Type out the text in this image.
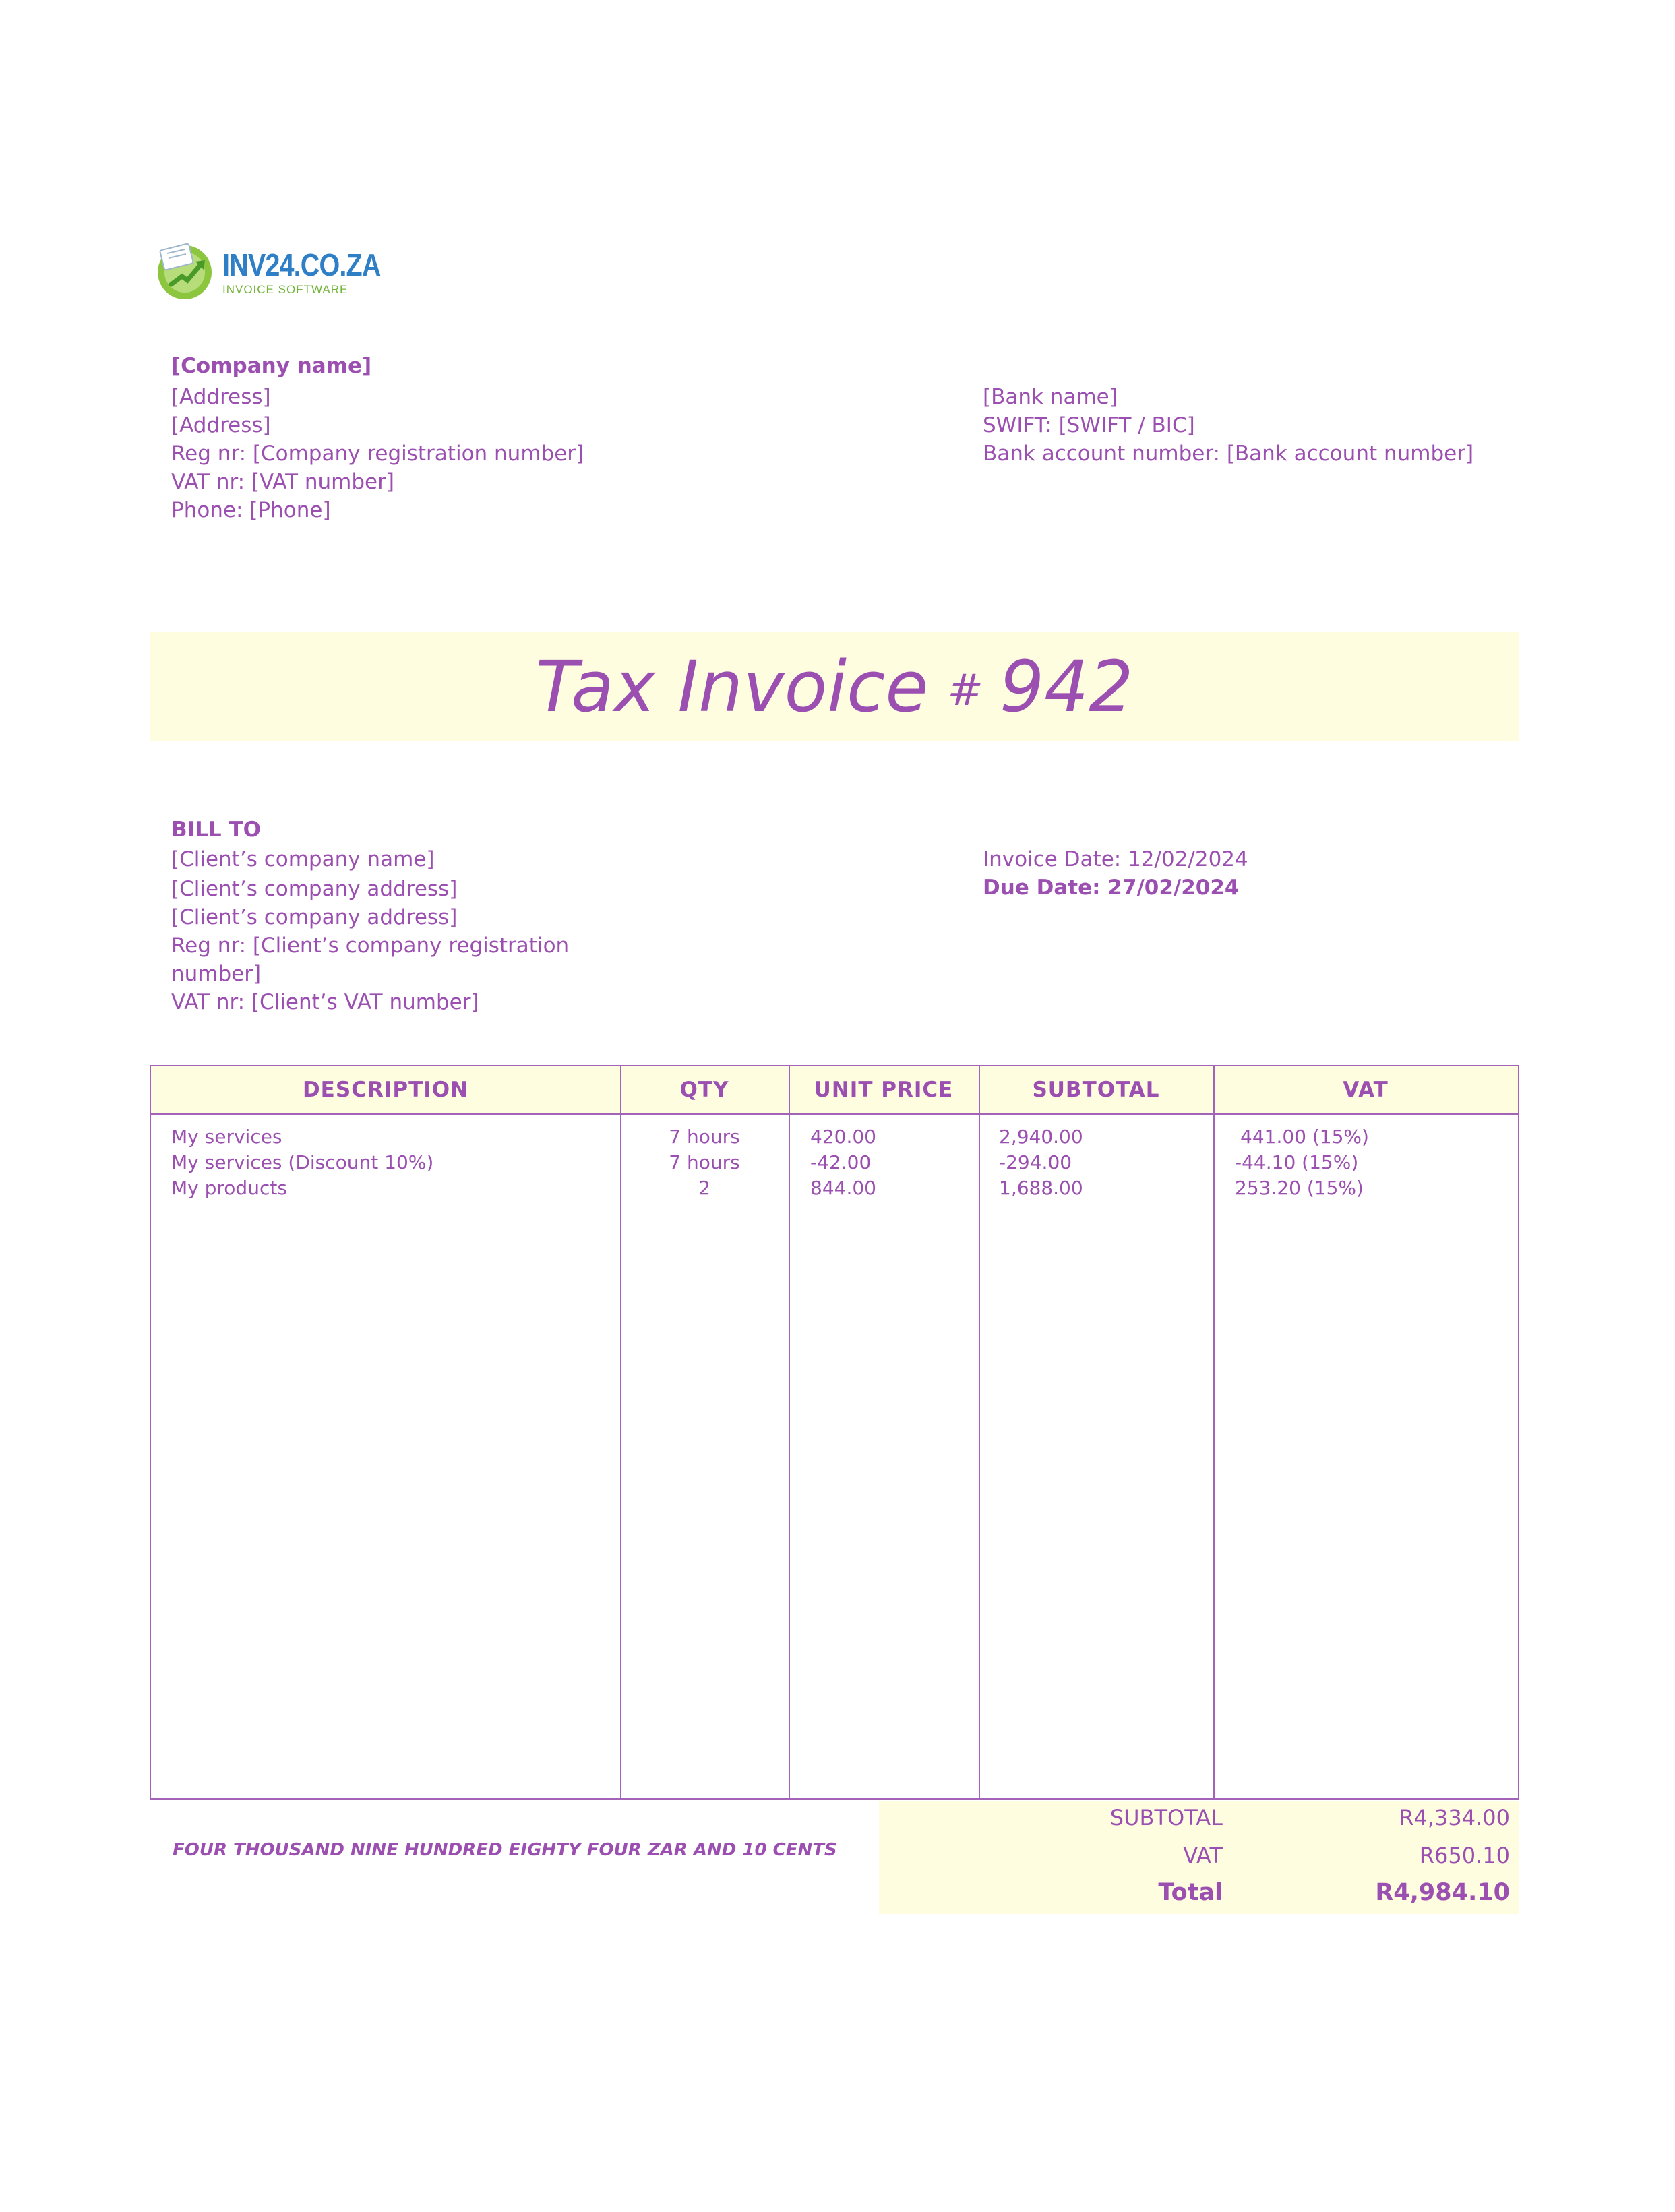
INV24.CO.ZA
INVOICE SOFTWARE
[Company name]
[Address]
[Address]
Reg nr: [Company registration number]
VAT nr: [VAT number]
Phone: [Phone]
[Bank name]
SWIFT: [SWIFT / BIC]
Bank account number: [Bank account number]
Tax Invoice # 942
BILL TO
[Client’s company name]
[Client’s company address]
[Client’s company address]
Reg nr: [Client’s company registration
number]
VAT nr: [Client’s VAT number]
Invoice Date: 12/02/2024
Due Date: 27/02/2024
DESCRIPTION	QTY	UNIT PRICE	SUBTOTAL	VAT
My services	7 hours	420.00	2,940.00	441.00 (15%)
My services (Discount 10%)	7 hours	-42.00	-294.00	-44.10 (15%)
My products	2	844.00	1,688.00	253.20 (15%)
FOUR THOUSAND NINE HUNDRED EIGHTY FOUR ZAR AND 10 CENTS
SUBTOTAL	R4,334.00
VAT	R650.10
Total	R4,984.10
